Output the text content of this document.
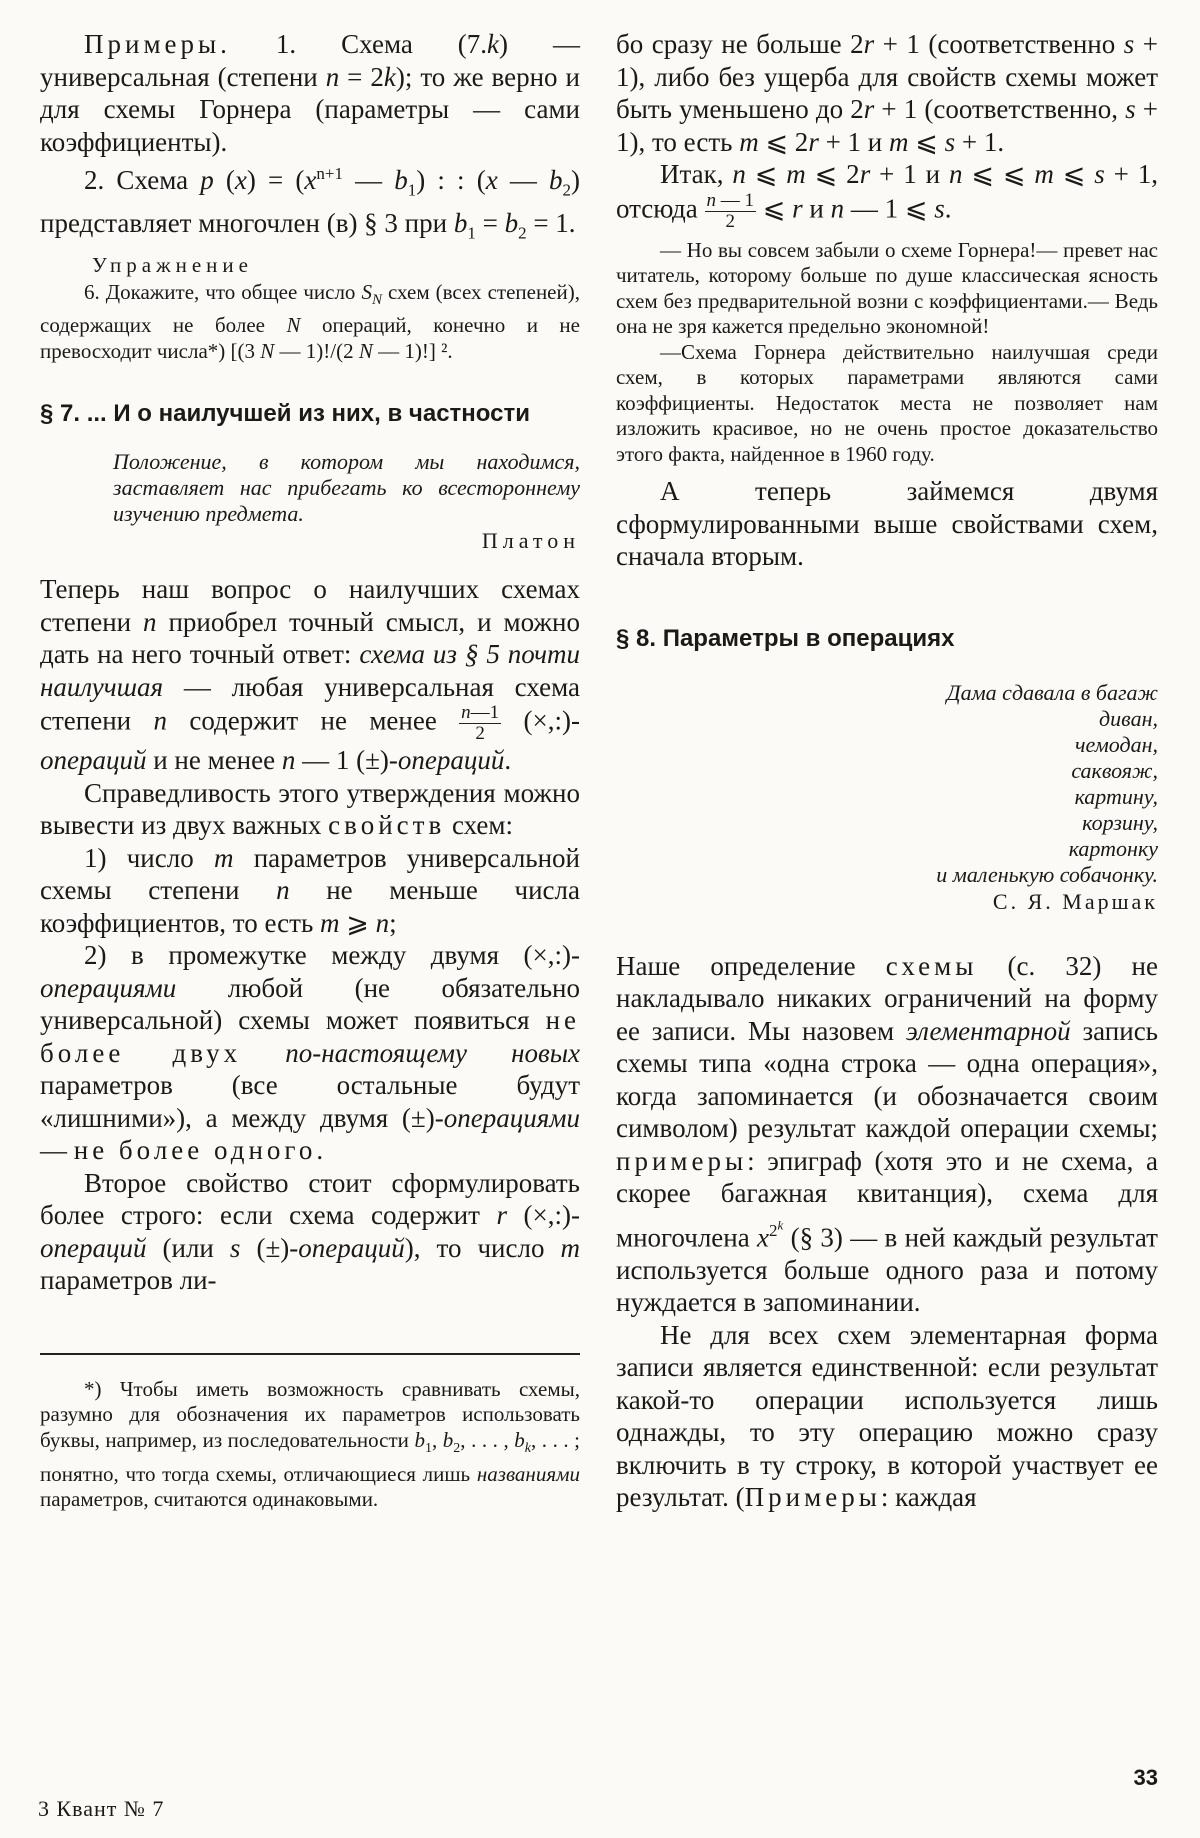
Примеры. 1. Схема (7.k) — универсальная (степени n = 2k); то же верно и для схемы Горнера (параметры — сами коэффициенты).

2. Схема p $(x) = (x^{n+1}$ — $b_1$) : : (x — $b_2$) представляет многочлен (в) § 3 при $b_1 = b_2 = 1$.

Упражнение

6. Докажите, что общее число $S_N$ схем (всех степеней), содержащих не более N операций, конечно и не превосходит числа*) [(3 N — 1)!/(2 N — 1)!] ².

§ 7. ... И о наилучшей из них, в частности
Положение, в котором мы находимся, заставляет нас прибегать ко всестороннему изучению предмета.
Платон

Теперь наш вопрос о наилучших схемах степени n приобрел точный смысл, и можно дать на него точный ответ: схема из § 5 почти наилучшая — любая универсальная схема степени n содержит не менее $\frac{n—1}{2}$ (×,:)-операций и не менее n — 1 (±)-операций.

Справедливость этого утверждения можно вывести из двух важных свойств схем:

1) число m параметров универсальной схемы степени n не меньше числа коэффициентов, то есть m ⩾ n;

2) в промежутке между двумя (×,:)-операциями любой (не обязательно универсальной) схемы может появиться не более двух по-настоящему новых параметров (все остальные будут «лишними»), а между двумя (±)-операциями — не более одного.

Второе свойство стоит сформулировать более строго: если схема содержит r (×,:)-операций (или s (±)-операций), то число m параметров ли-

*) Чтобы иметь возможность сравнивать схемы, разумно для обозначения их параметров использовать буквы, например, из последовательности $b_1$, $b_2$, . . . , $b_k$, . . . ; понятно, что тогда схемы, отличающиеся лишь названиями параметров, считаются одинаковыми.

бо сразу не больше 2r + 1 (соответственно s + 1), либо без ущерба для свойств схемы может быть уменьшено до 2r + 1 (соответственно, s + 1), то есть m ⩽ 2r + 1 и m ⩽ s + 1.

Итак, n ⩽ m ⩽ 2r + 1 и n ⩽ ⩽ m ⩽ s + 1, отсюда $\frac{n — 1}{2}$ ⩽ r и n — 1 ⩽ s.

— Но вы совсем забыли о схеме Горнера!— превет нас читатель, которому больше по душе классическая ясность схем без предварительной возни с коэффициентами.— Ведь она не зря кажется предельно экономной!

—Схема Горнера действительно наилучшая среди схем, в которых параметрами являются сами коэффициенты. Недостаток места не позволяет нам изложить красивое, но не очень простое доказательство этого факта, найденное в 1960 году.

А теперь займемся двумя сформулированными выше свойствами схем, сначала вторым.

§ 8. Параметры в операциях
Дама сдавала в багаж
диван,
чемодан,
саквояж,
картину,
корзину,
картонку
и маленькую собачонку.
С. Я. Маршак

Наше определение схемы (с. 32) не накладывало никаких ограничений на форму ее записи. Мы назовем элементарной запись схемы типа «одна строка — одна операция», когда запоминается (и обозначается своим символом) результат каждой операции схемы; примеры: эпиграф (хотя это и не схема, а скорее багажная квитанция), схема для многочлена $x^{2^k}$ (§ 3) — в ней каждый результат используется больше одного раза и потому нуждается в запоминании.

Не для всех схем элементарная форма записи является единственной: если результат какой-то операции используется лишь однажды, то эту операцию можно сразу включить в ту строку, в которой участвует ее результат. (Примеры: каждая

33
3 Квант № 7
